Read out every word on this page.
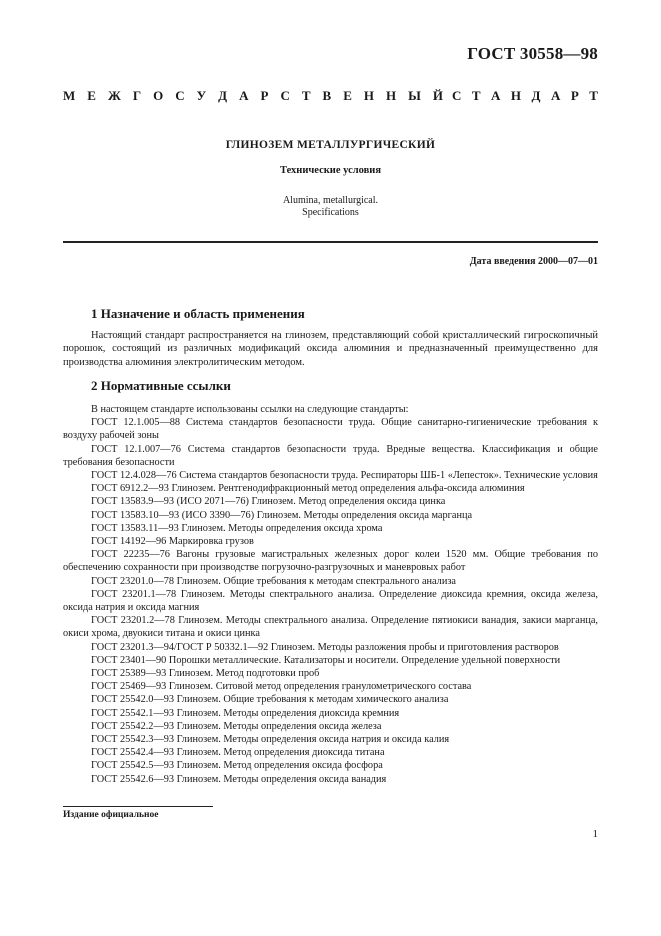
ГОСТ 30558—98
М Е Ж Г О С У Д А Р С Т В Е Н Н Ы Й С Т А Н Д А Р Т
ГЛИНОЗЕМ МЕТАЛЛУРГИЧЕСКИЙ
Технические условия
Alumina, metallurgical.
Specifications
Дата введения 2000—07—01
1 Назначение и область применения
Настоящий стандарт распространяется на глинозем, представляющий собой кристаллический гигроскопичный порошок, состоящий из различных модификаций оксида алюминия и предназначенный преимущественно для производства алюминия электролитическим методом.
2 Нормативные ссылки
В настоящем стандарте использованы ссылки на следующие стандарты:
ГОСТ 12.1.005—88 Система стандартов безопасности труда. Общие санитарно-гигиенические требования к воздуху рабочей зоны
ГОСТ 12.1.007—76 Система стандартов безопасности труда. Вредные вещества. Классификация и общие требования безопасности
ГОСТ 12.4.028—76 Система стандартов безопасности труда. Респираторы ШБ-1 «Лепесток». Технические условия
ГОСТ 6912.2—93 Глинозем. Рентгенодифракционный метод определения альфа-оксида алюминия
ГОСТ 13583.9—93 (ИСО 2071—76) Глинозем. Метод определения оксида цинка
ГОСТ 13583.10—93 (ИСО 3390—76) Глинозем. Методы определения оксида марганца
ГОСТ 13583.11—93 Глинозем. Методы определения оксида хрома
ГОСТ 14192—96 Маркировка грузов
ГОСТ 22235—76 Вагоны грузовые магистральных железных дорог колеи 1520 мм. Общие требования по обеспечению сохранности при производстве погрузочно-разгрузочных и маневровых работ
ГОСТ 23201.0—78 Глинозем. Общие требования к методам спектрального анализа
ГОСТ 23201.1—78 Глинозем. Методы спектрального анализа. Определение диоксида кремния, оксида железа, оксида натрия и оксида магния
ГОСТ 23201.2—78 Глинозем. Методы спектрального анализа. Определение пятиокиси ванадия, закиси марганца, окиси хрома, двуокиси титана и окиси цинка
ГОСТ 23201.3—94/ГОСТ Р 50332.1—92 Глинозем. Методы разложения пробы и приготовления растворов
ГОСТ 23401—90 Порошки металлические. Катализаторы и носители. Определение удельной поверхности
ГОСТ 25389—93 Глинозем. Метод подготовки проб
ГОСТ 25469—93 Глинозем. Ситовой метод определения гранулометрического состава
ГОСТ 25542.0—93 Глинозем. Общие требования к методам химического анализа
ГОСТ 25542.1—93 Глинозем. Методы определения диоксида кремния
ГОСТ 25542.2—93 Глинозем. Методы определения оксида железа
ГОСТ 25542.3—93 Глинозем. Методы определения оксида натрия и оксида калия
ГОСТ 25542.4—93 Глинозем. Метод определения диоксида титана
ГОСТ 25542.5—93 Глинозем. Метод определения оксида фосфора
ГОСТ 25542.6—93 Глинозем. Методы определения оксида ванадия
Издание официальное
1
